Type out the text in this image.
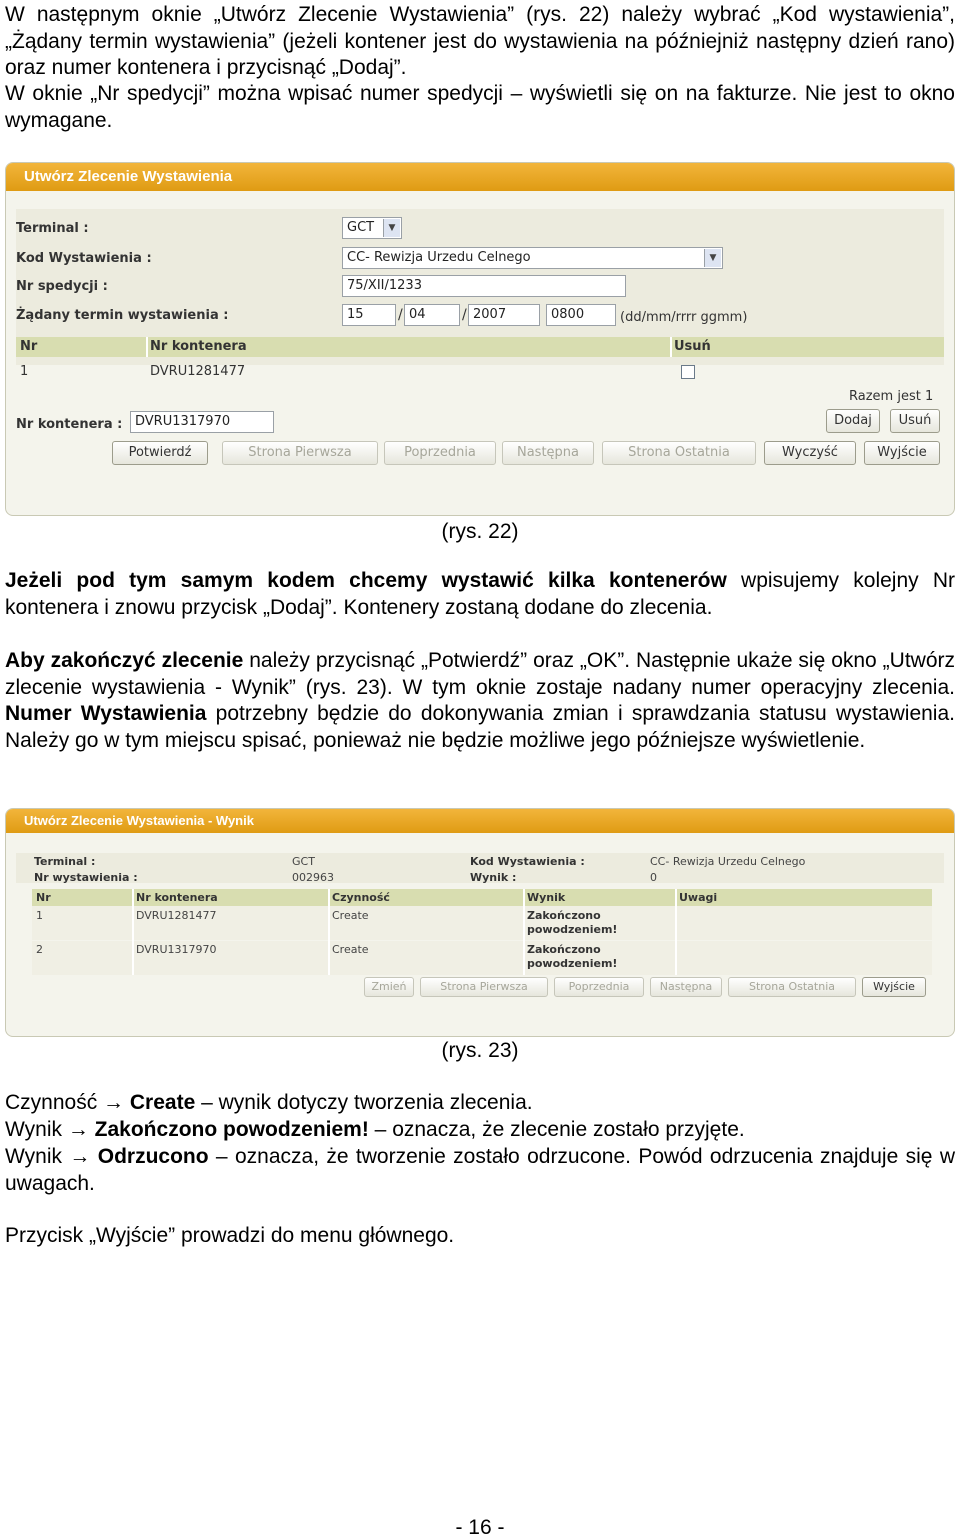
W następnym oknie „Utwórz Zlecenie Wystawienia” (rys. 22) należy wybrać „Kod wystawienia”, „Żądany termin wystawienia” (jeżeli kontener jest do wystawienia na późniejniż następny dzień rano) oraz numer kontenera i przycisnąć „Dodaj”.

W oknie „Nr spedycji” można wpisać numer spedycji – wyświetli się on na fakturze. Nie jest to okno wymagane.

Utwórz Zlecenie Wystawienia
Terminal :	GCT	▼
Kod Wystawienia :	CC- Rewizja Urzedu Celnego	▼
Nr spedycji :	75/XII/1233
Żądany termin wystawienia :	15	/ 04	/ 2007	0800	(dd/mm/rrrr ggmm)
Nr	Nr kontenera	Usuń
1	DVRU1281477
Razem jest 1
Nr kontenera : DVRU1317970	Dodaj	Usuń
Potwierdź	Strona Pierwsza	Poprzednia	Następna	Strona Ostatnia	Wyczyść	Wyjście

(rys. 22)

Jeżeli pod tym samym kodem chcemy wystawić kilka kontenerów wpisujemy kolejny Nr kontenera i znowu przycisk „Dodaj”. Kontenery zostaną dodane do zlecenia.

Aby zakończyć zlecenie należy przycisnąć „Potwierdź” oraz „OK”. Następnie ukaże się okno „Utwórz zlecenie wystawienia - Wynik” (rys. 23). W tym oknie zostaje nadany numer operacyjny zlecenia. Numer Wystawienia potrzebny będzie do dokonywania zmian i sprawdzania statusu wystawienia. Należy go w tym miejscu spisać, ponieważ nie będzie możliwe jego późniejsze wyświetlenie.

Utwórz Zlecenie Wystawienia - Wynik
Terminal :	GCT	Kod Wystawienia :	CC- Rewizja Urzedu Celnego
Nr wystawienia :	002963	Wynik :	0
Nr	Nr kontenera	Czynność	Wynik	Uwagi
1	DVRU1281477	Create	Zakończono
powodzeniem!
2	DVRU1317970	Create	Zakończono
powodzeniem!
Zmień	Strona Pierwsza	Poprzednia	Następna	Strona Ostatnia	Wyjście

(rys. 23)

Czynność → Create – wynik dotyczy tworzenia zlecenia.

Wynik → Zakończono powodzeniem! – oznacza, że zlecenie zostało przyjęte.

Wynik → Odrzucono – oznacza, że tworzenie zostało odrzucone. Powód odrzucenia znajduje się w uwagach.

Przycisk „Wyjście” prowadzi do menu głównego.

- 16 -
